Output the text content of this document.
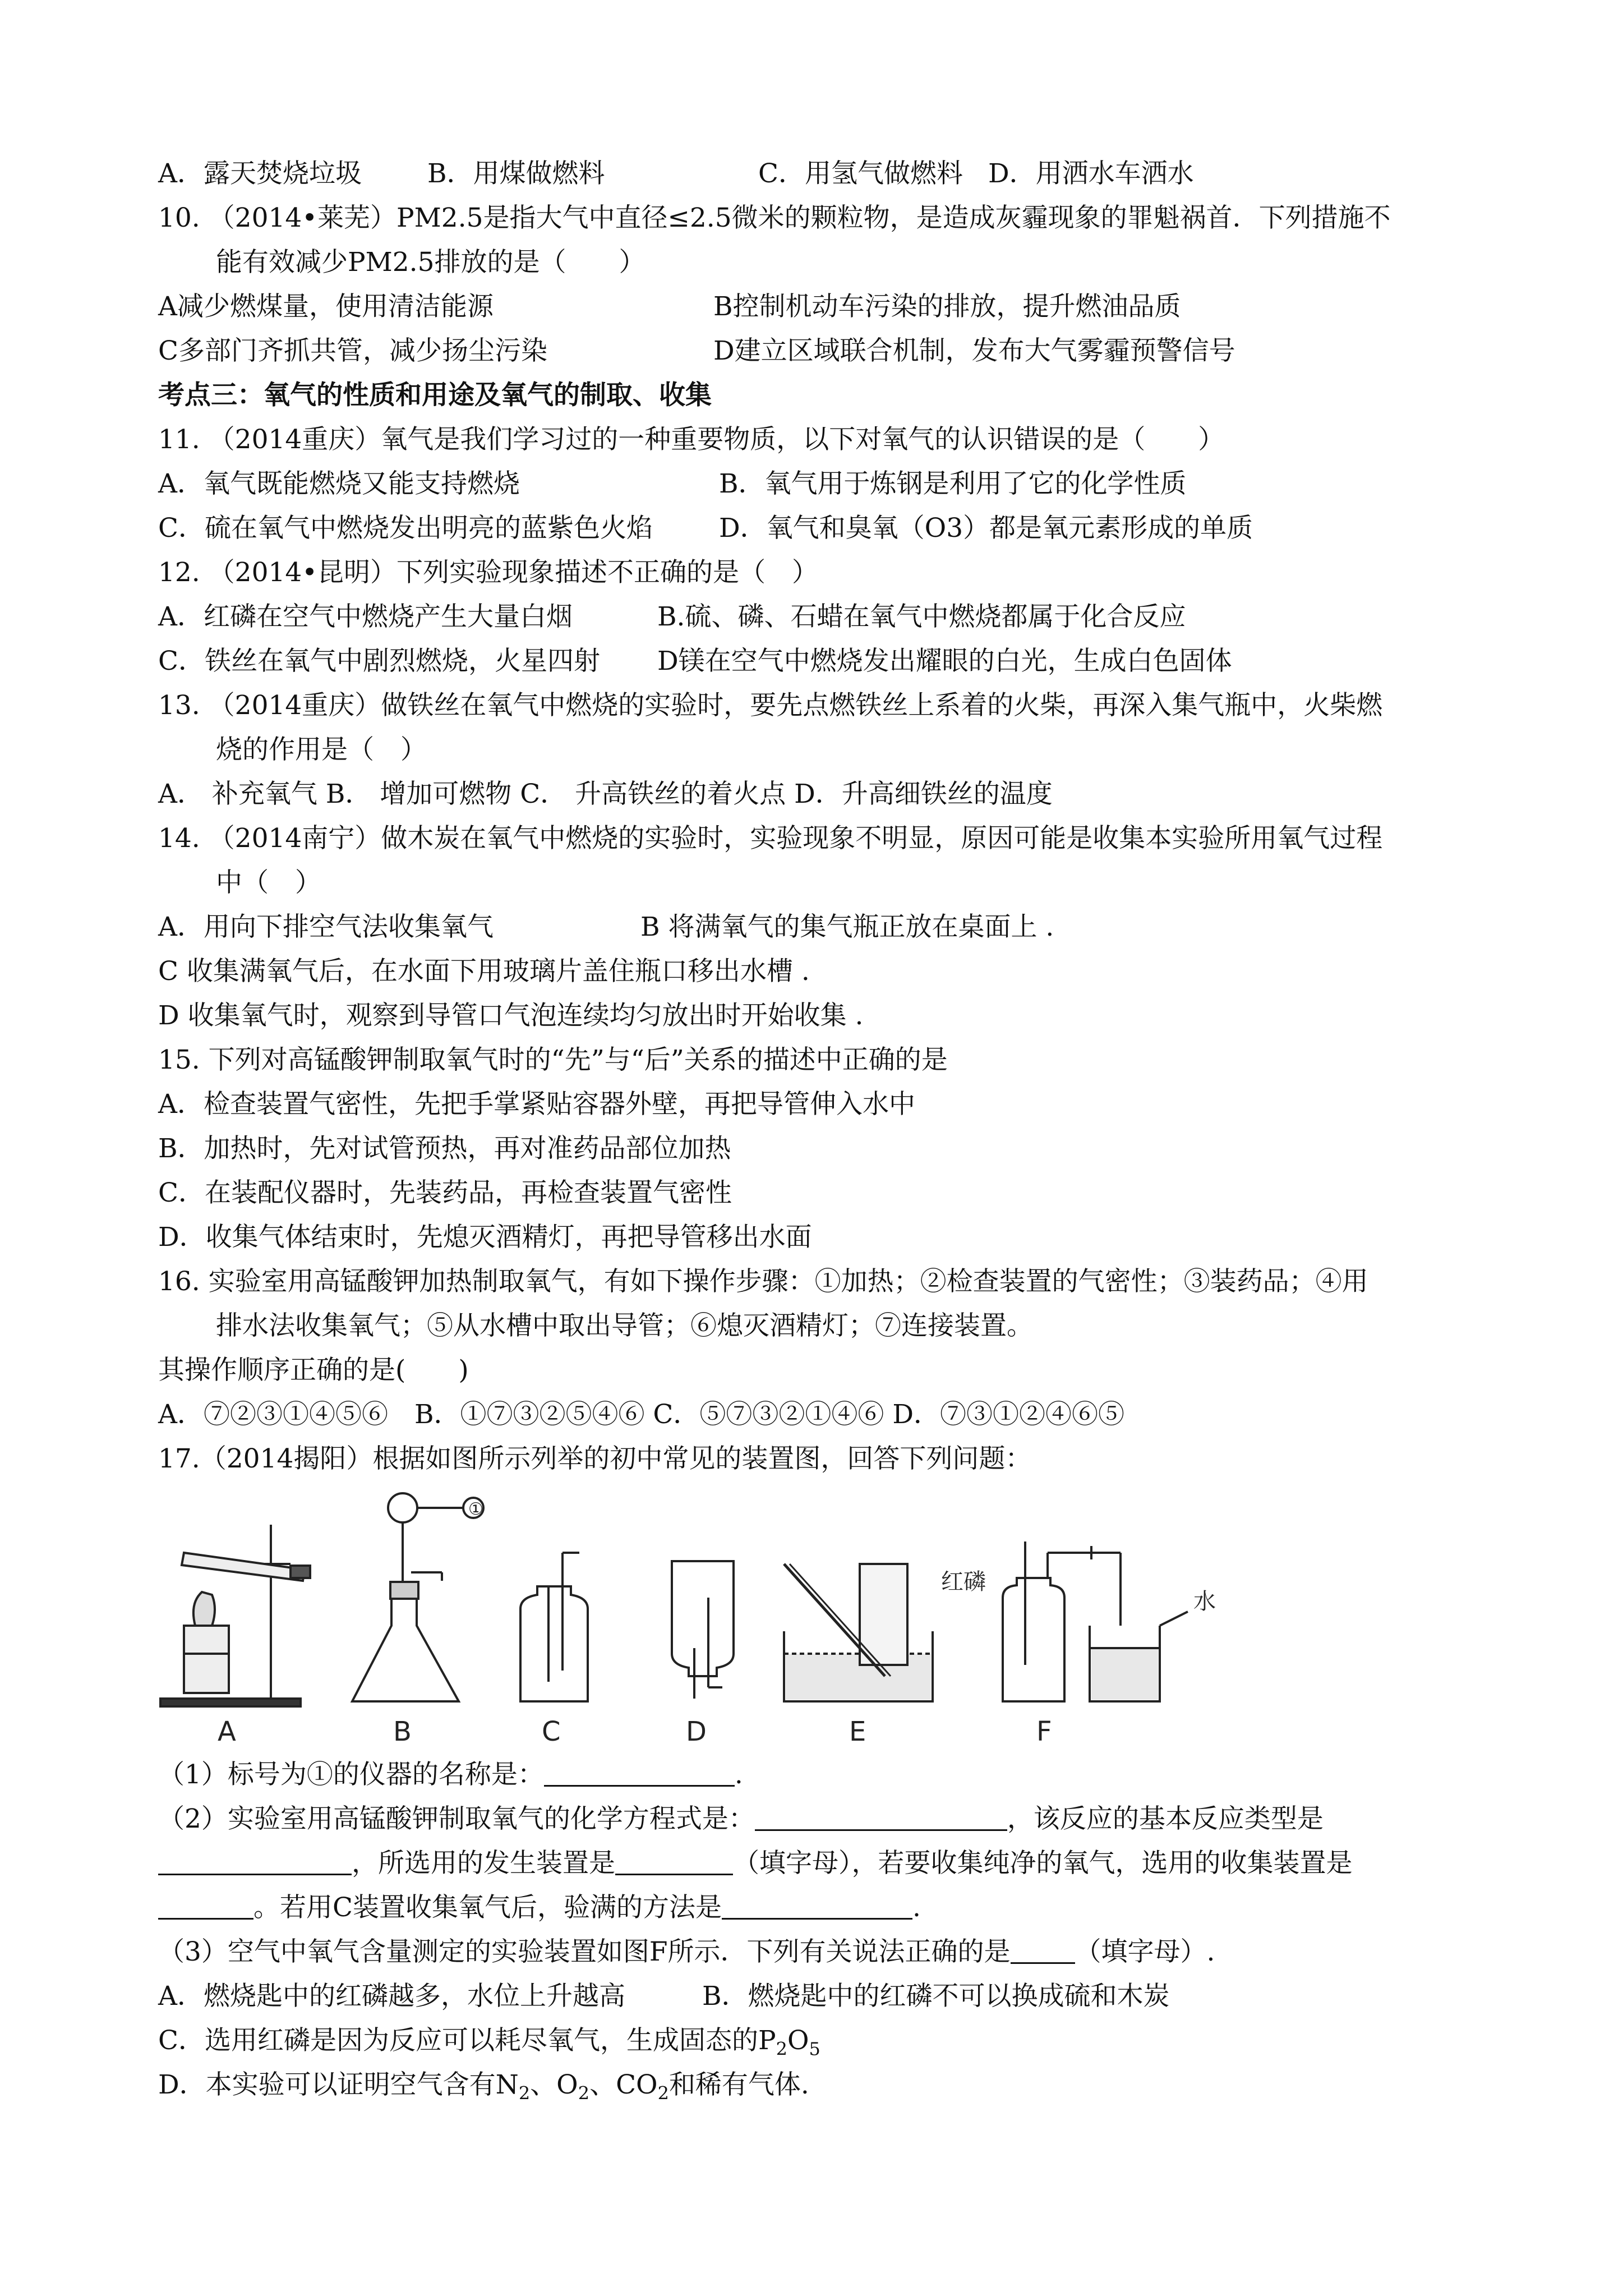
A．露天焚烧垃圾	B．用煤做燃料	C．用氢气做燃料 D．用洒水车洒水
10. （2014•莱芜）PM2.5是指大气中直径≤2.5微米的颗粒物，是造成灰霾现象的罪魁祸首．下列措施不
能有效减少PM2.5排放的是（　　）
A减少燃煤量，使用清洁能源	B控制机动车污染的排放，提升燃油品质
C多部门齐抓共管，减少扬尘污染	D建立区域联合机制，发布大气雾霾预警信号
考点三：氧气的性质和用途及氧气的制取、收集
11. （2014重庆）氧气是我们学习过的一种重要物质，以下对氧气的认识错误的是（　　）
A．氧气既能燃烧又能支持燃烧	B．氧气用于炼钢是利用了它的化学性质
C．硫在氧气中燃烧发出明亮的蓝紫色火焰	D．氧气和臭氧（O3）都是氧元素形成的单质
12. （2014•昆明）下列实验现象描述不正确的是（　）
A．红磷在空气中燃烧产生大量白烟	B.硫、磷、石蜡在氧气中燃烧都属于化合反应
C．铁丝在氧气中剧烈燃烧，火星四射	D镁在空气中燃烧发出耀眼的白光，生成白色固体
13. （2014重庆）做铁丝在氧气中燃烧的实验时，要先点燃铁丝上系着的火柴，再深入集气瓶中，火柴燃
烧的作用是（　）
A． 补充氧气 B． 增加可燃物 C． 升高铁丝的着火点 D．升高细铁丝的温度
14. （2014南宁）做木炭在氧气中燃烧的实验时，实验现象不明显，原因可能是收集本实验所用氧气过程
中（　）
A．用向下排空气法收集氧气	B 将满氧气的集气瓶正放在桌面上 .
C 收集满氧气后，在水面下用玻璃片盖住瓶口移出水槽 .
D 收集氧气时，观察到导管口气泡连续均匀放出时开始收集 .
15. 下列对高锰酸钾制取氧气时的“先”与“后”关系的描述中正确的是
A．检查装置气密性，先把手掌紧贴容器外壁，再把导管伸入水中
B．加热时，先对试管预热，再对准药品部位加热
C．在装配仪器时，先装药品，再检查装置气密性
D．收集气体结束时，先熄灭酒精灯，再把导管移出水面
16. 实验室用高锰酸钾加热制取氧气，有如下操作步骤：①加热；②检查装置的气密性；③装药品；④用
排水法收集氧气；⑤从水槽中取出导管；⑥熄灭酒精灯；⑦连接装置。
其操作顺序正确的是(　　)
A．⑦②③①④⑤⑥　B．①⑦③②⑤④⑥ C．⑤⑦③②①④⑥ D．⑦③①②④⑥⑤
17.（2014揭阳）根据如图所示列举的初中常见的装置图，回答下列问题：
①
B
A	C	D	E
红磷
水
F
（1）标号为①的仪器的名称是：	.
（2）实验室用高锰酸钾制取氧气的化学方程式是：	，该反应的基本反应类型是
，所选用的发生装置是	（填字母），若要收集纯净的氧气，选用的收集装置是
。若用C装置收集氧气后，验满的方法是	.
（3）空气中氧气含量测定的实验装置如图F所示．下列有关说法正确的是 （填字母）.
A．燃烧匙中的红磷越多，水位上升越高	B．燃烧匙中的红磷不可以换成硫和木炭
C．选用红磷是因为反应可以耗尽氧气，生成固态的$P_2O_5$
D．本实验可以证明空气含有$N_2$、$O_2$、$CO_2$和稀有气体.
